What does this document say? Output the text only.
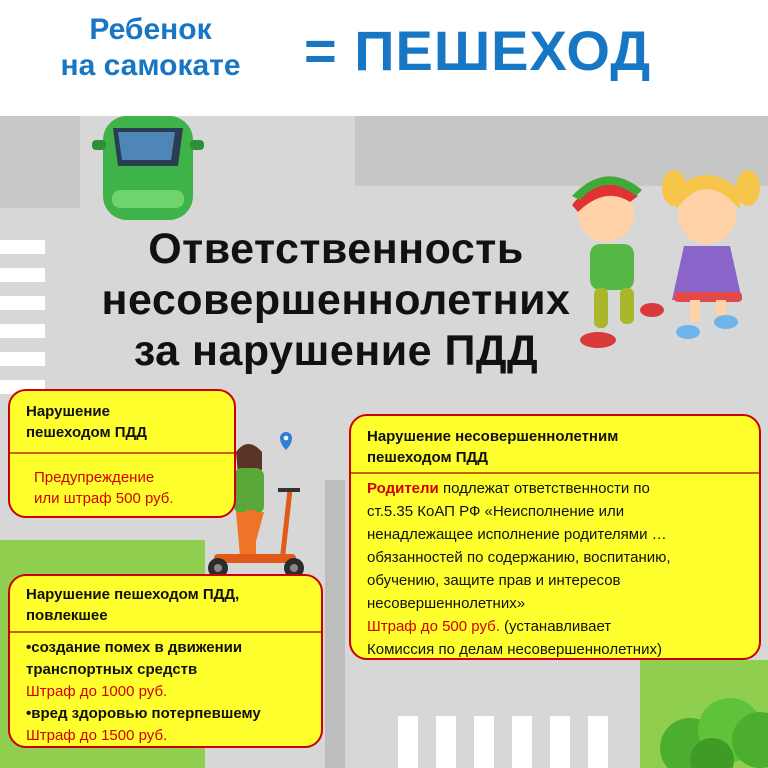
Ребенок
на самокате	= ПЕШЕХОД
Ответственность
несовершеннолетних
за нарушение ПДД
Нарушение
пешеходом ПДД
Предупреждение
или штраф 500 руб.
Нарушение пешеходом ПДД,
повлекшее
•создание помех в движении
транспортных средств
Штраф до 1000 руб.
•вред здоровью потерпевшему
Штраф до 1500 руб.
Нарушение несовершеннолетним
пешеходом ПДД
Родители подлежат ответственности по
ст.5.35 КоАП РФ «Неисполнение или
ненадлежащее исполнение родителями …
обязанностей по содержанию, воспитанию,
обучению, защите прав и интересов
несовершеннолетних»
Штраф до 500 руб. (устанавливает
Комиссия по делам несовершеннолетних)
